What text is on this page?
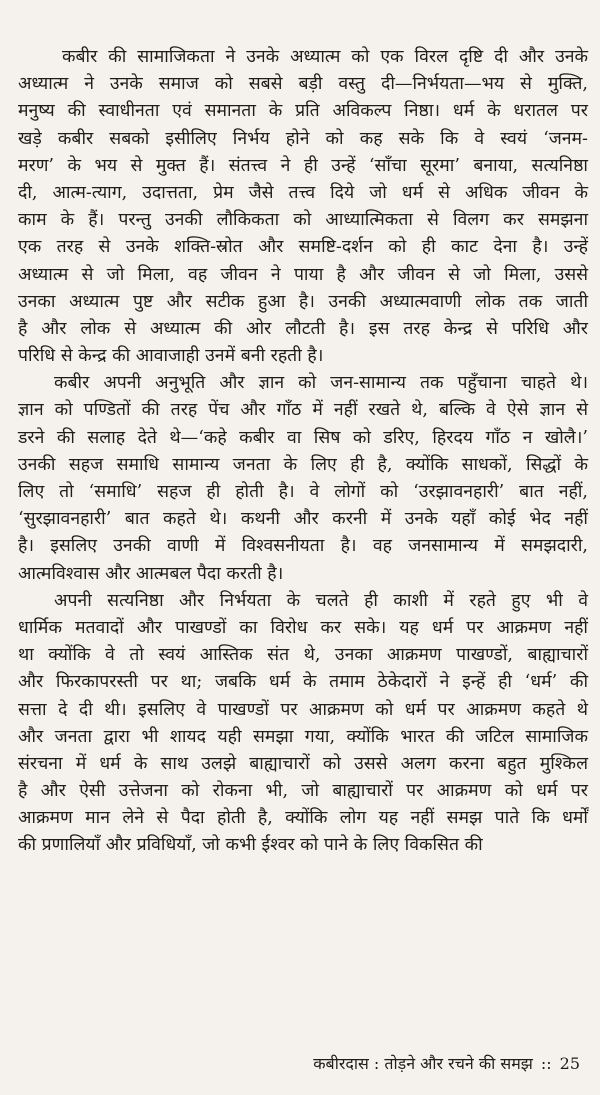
कबीर की सामाजिकता ने उनके अध्यात्म को एक विरल दृष्टि दी और उनके
अध्यात्म ने उनके समाज को सबसे बड़ी वस्तु दी—निर्भयता—भय से मुक्ति,
मनुष्य की स्वाधीनता एवं समानता के प्रति अविकल्प निष्ठा। धर्म के धरातल पर
खड़े कबीर सबको इसीलिए निर्भय होने को कह सके कि वे स्वयं ‘जनम-
मरण’ के भय से मुक्त हैं। संतत्त्व ने ही उन्हें ‘साँचा सूरमा’ बनाया, सत्यनिष्ठा
दी, आत्म-त्याग, उदात्तता, प्रेम जैसे तत्त्व दिये जो धर्म से अधिक जीवन के
काम के हैं। परन्तु उनकी लौकिकता को आध्यात्मिकता से विलग कर समझना
एक तरह से उनके शक्ति-स्रोत और समष्टि-दर्शन को ही काट देना है। उन्हें
अध्यात्म से जो मिला, वह जीवन ने पाया है और जीवन से जो मिला, उससे
उनका अध्यात्म पुष्ट और सटीक हुआ है। उनकी अध्यात्मवाणी लोक तक जाती
है और लोक से अध्यात्म की ओर लौटती है। इस तरह केन्द्र से परिधि और
परिधि से केन्द्र की आवाजाही उनमें बनी रहती है।
कबीर अपनी अनुभूति और ज्ञान को जन-सामान्य तक पहुँचाना चाहते थे।
ज्ञान को पण्डितों की तरह पेंच और गाँठ में नहीं रखते थे, बल्कि वे ऐसे ज्ञान से
डरने की सलाह देते थे—‘कहे कबीर वा सिष को डरिए, हिरदय गाँठ न खोलै।’
उनकी सहज समाधि सामान्य जनता के लिए ही है, क्योंकि साधकों, सिद्धों के
लिए तो ‘समाधि’ सहज ही होती है। वे लोगों को ‘उरझावनहारी’ बात नहीं,
‘सुरझावनहारी’ बात कहते थे। कथनी और करनी में उनके यहाँ कोई भेद नहीं
है। इसलिए उनकी वाणी में विश्वसनीयता है। वह जनसामान्य में समझदारी,
आत्मविश्वास और आत्मबल पैदा करती है।
अपनी सत्यनिष्ठा और निर्भयता के चलते ही काशी में रहते हुए भी वे
धार्मिक मतवादों और पाखण्डों का विरोध कर सके। यह धर्म पर आक्रमण नहीं
था क्योंकि वे तो स्वयं आस्तिक संत थे, उनका आक्रमण पाखण्डों, बाह्याचारों
और फिरकापरस्ती पर था; जबकि धर्म के तमाम ठेकेदारों ने इन्हें ही ‘धर्म’ की
सत्ता दे दी थी। इसलिए वे पाखण्डों पर आक्रमण को धर्म पर आक्रमण कहते थे
और जनता द्वारा भी शायद यही समझा गया, क्योंकि भारत की जटिल सामाजिक
संरचना में धर्म के साथ उलझे बाह्याचारों को उससे अलग करना बहुत मुश्किल
है और ऐसी उत्तेजना को रोकना भी, जो बाह्याचारों पर आक्रमण को धर्म पर
आक्रमण मान लेने से पैदा होती है, क्योंकि लोग यह नहीं समझ पाते कि धर्मों
की प्रणालियाँ और प्रविधियाँ, जो कभी ईश्वर को पाने के लिए विकसित की
कबीरदास : तोड़ने और रचने की समझ :: 25
